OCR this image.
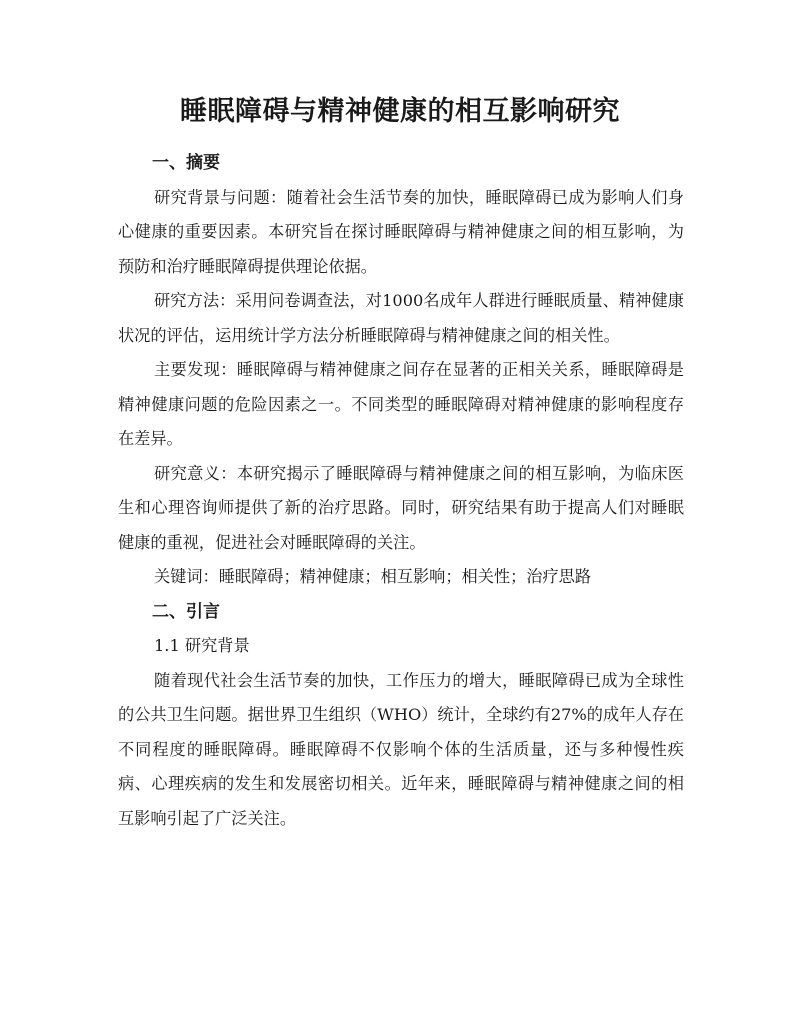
睡眠障碍与精神健康的相互影响研究

一、摘要

研究背景与问题：随着社会生活节奏的加快，睡眠障碍已成为影响人们身心健康的重要因素。本研究旨在探讨睡眠障碍与精神健康之间的相互影响，为预防和治疗睡眠障碍提供理论依据。

研究方法：采用问卷调查法，对1000名成年人群进行睡眠质量、精神健康状况的评估，运用统计学方法分析睡眠障碍与精神健康之间的相关性。

主要发现：睡眠障碍与精神健康之间存在显著的正相关关系，睡眠障碍是精神健康问题的危险因素之一。不同类型的睡眠障碍对精神健康的影响程度存在差异。

研究意义：本研究揭示了睡眠障碍与精神健康之间的相互影响，为临床医生和心理咨询师提供了新的治疗思路。同时，研究结果有助于提高人们对睡眠健康的重视，促进社会对睡眠障碍的关注。

关键词：睡眠障碍；精神健康；相互影响；相关性；治疗思路

二、引言

1.1 研究背景

随着现代社会生活节奏的加快，工作压力的增大，睡眠障碍已成为全球性的公共卫生问题。据世界卫生组织（WHO）统计，全球约有27%的成年人存在不同程度的睡眠障碍。睡眠障碍不仅影响个体的生活质量，还与多种慢性疾病、心理疾病的发生和发展密切相关。近年来，睡眠障碍与精神健康之间的相互影响引起了广泛关注。
